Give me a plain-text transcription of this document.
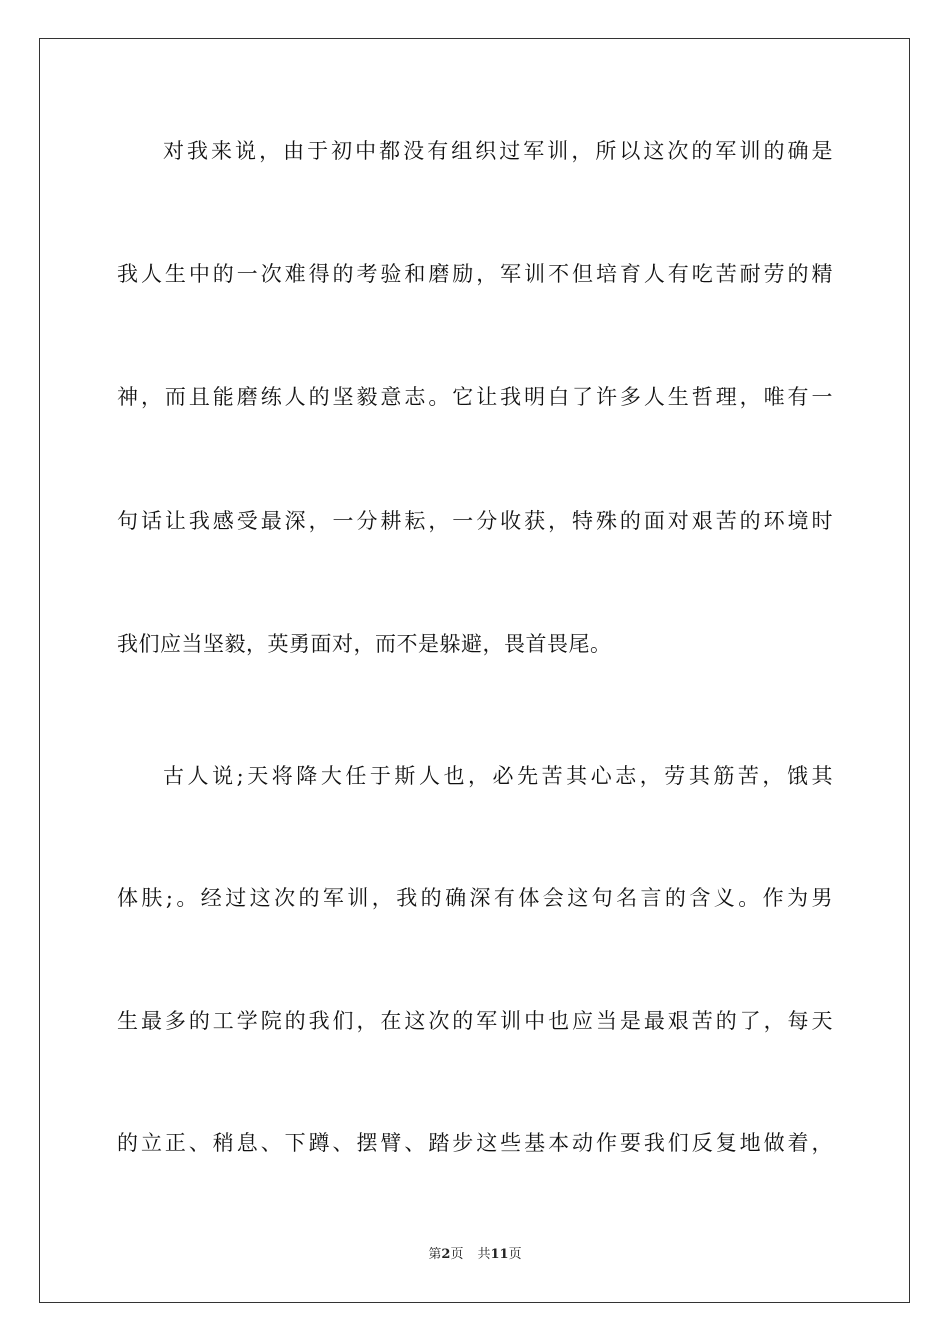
对我来说，由于初中都没有组织过军训，所以这次的军训的确是
我人生中的一次难得的考验和磨励，军训不但培育人有吃苦耐劳的精
神，而且能磨练人的坚毅意志。它让我明白了许多人生哲理，唯有一
句话让我感受最深，一分耕耘，一分收获，特殊的面对艰苦的环境时
我们应当坚毅，英勇面对，而不是躲避，畏首畏尾。
古人说;天将降大任于斯人也，必先苦其心志，劳其筋苦，饿其
体肤;。经过这次的军训，我的确深有体会这句名言的含义。作为男
生最多的工学院的我们，在这次的军训中也应当是最艰苦的了，每天
的立正、稍息、下蹲、摆臂、踏步这些基本动作要我们反复地做着，
第2页 共11页
